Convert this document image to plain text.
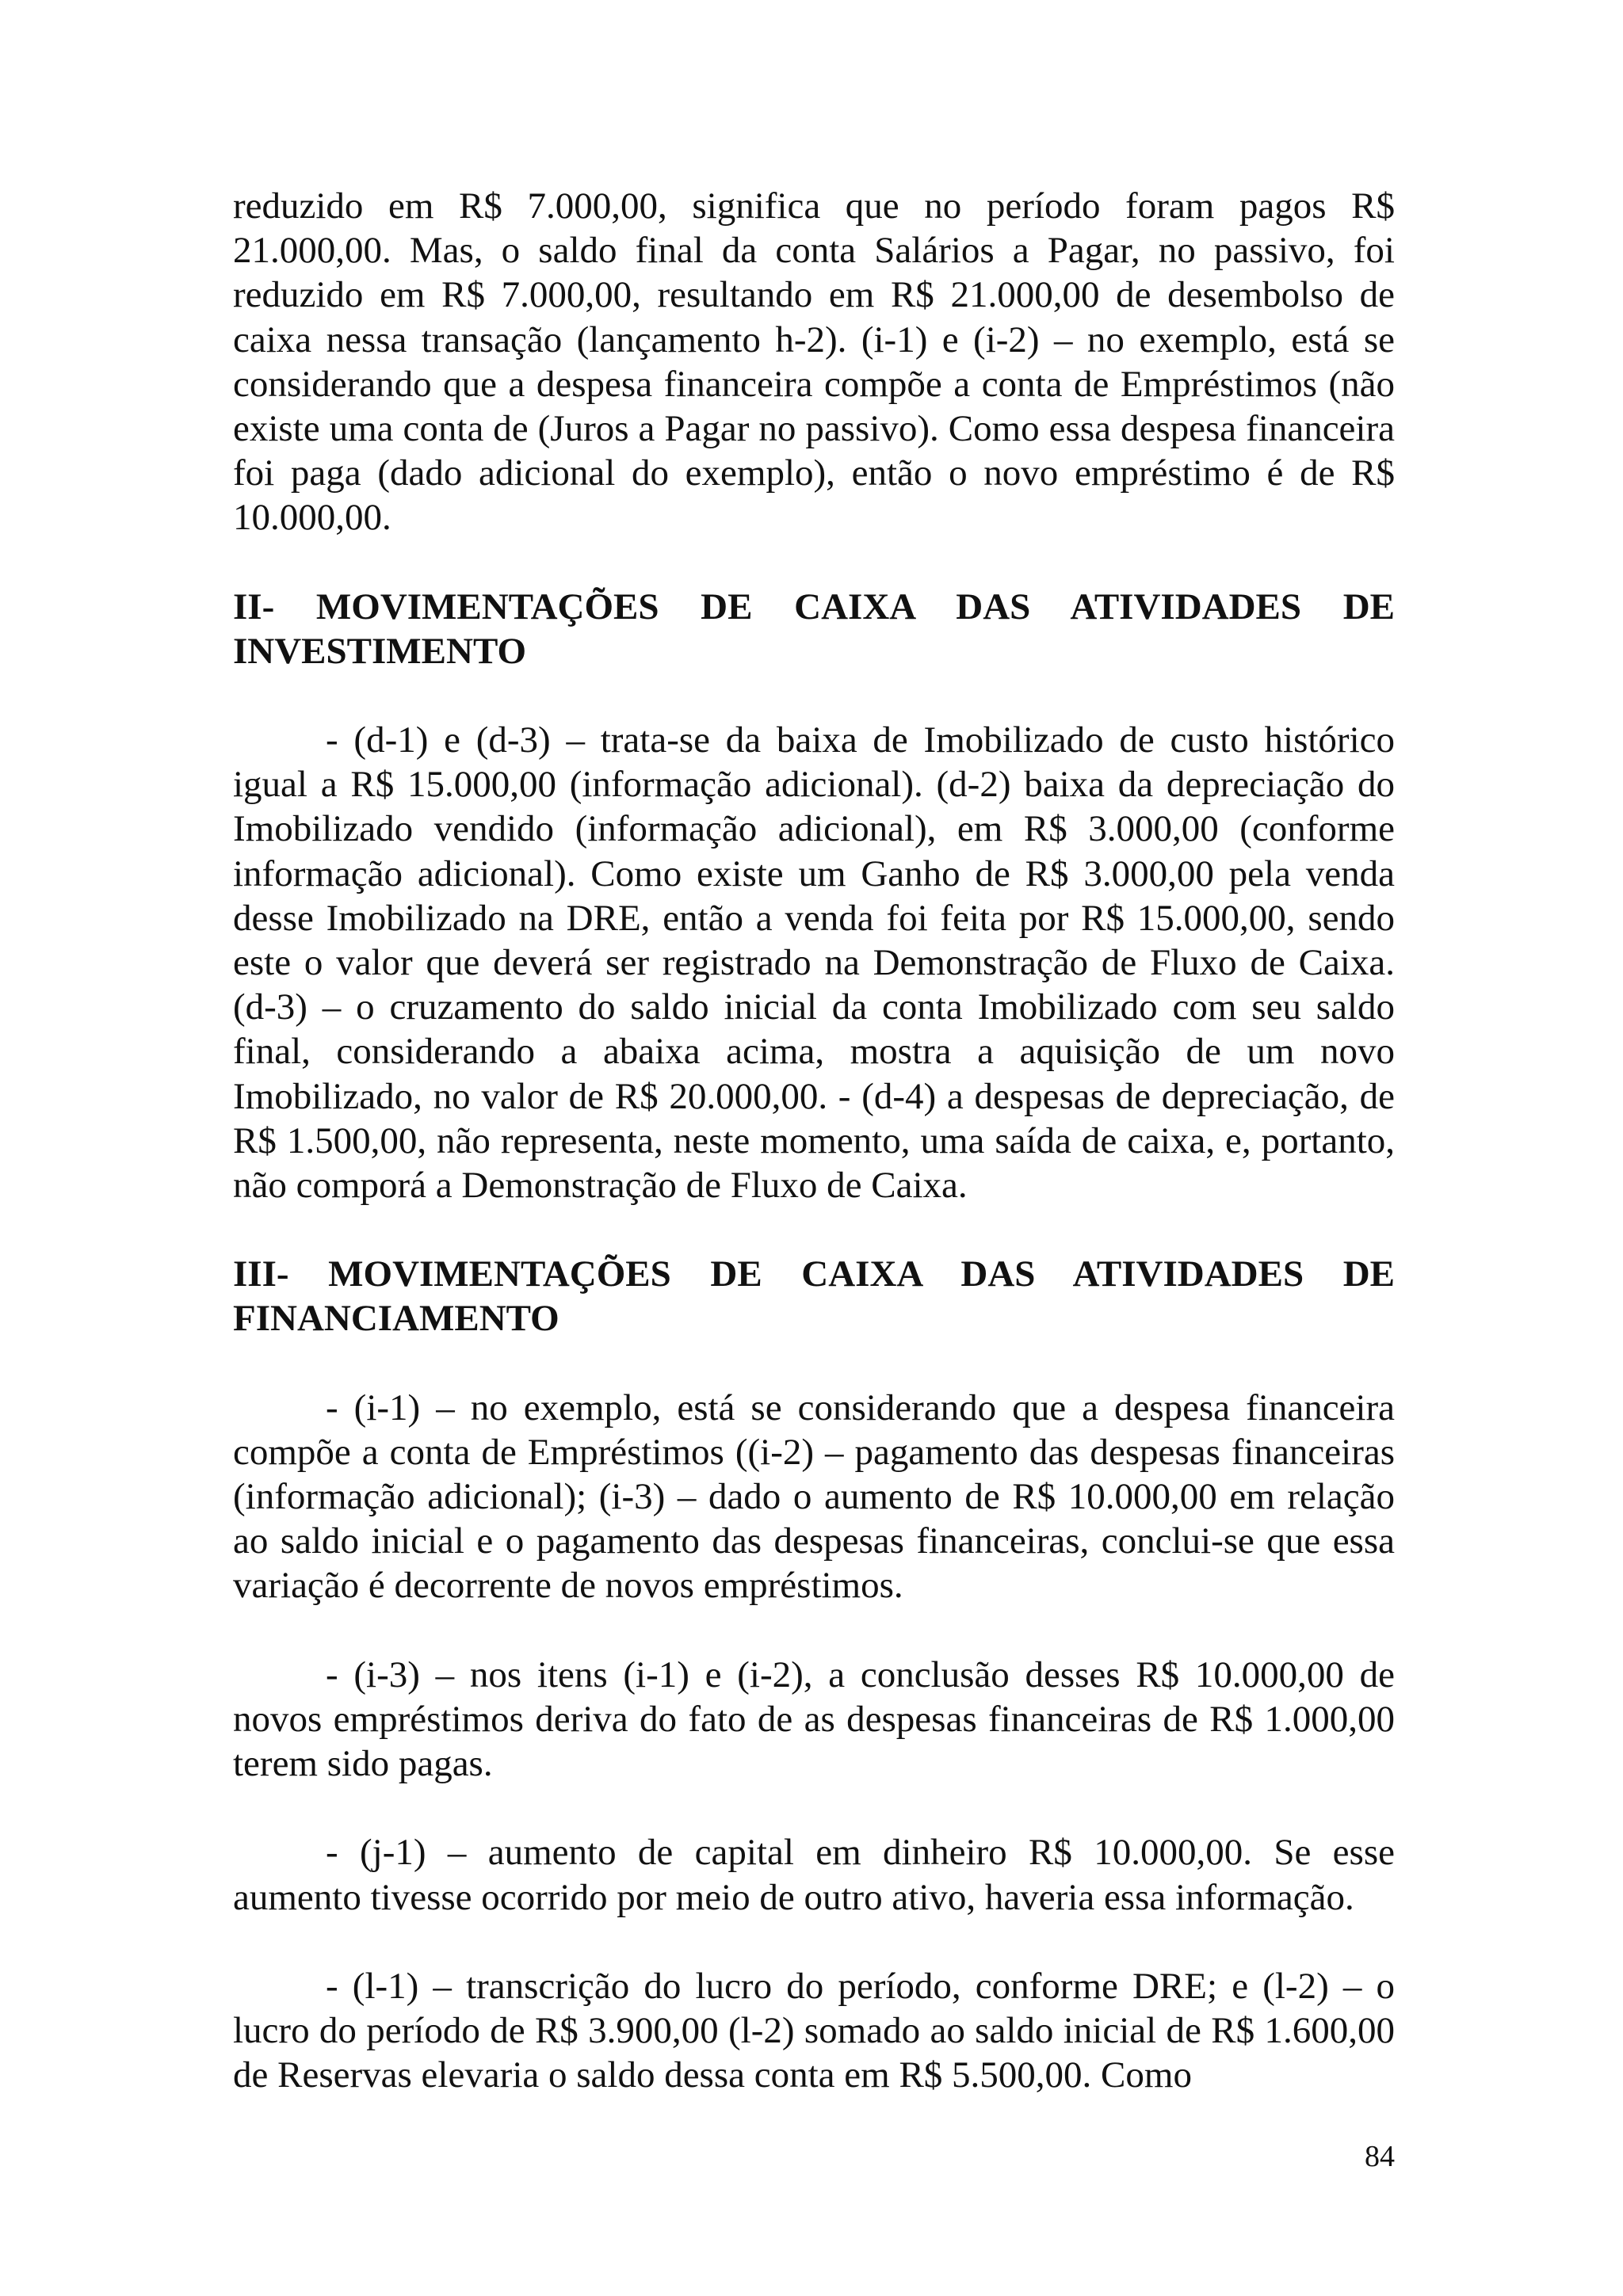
reduzido em R$ 7.000,00, significa que no período foram pagos R$ 21.000,00. Mas, o saldo final da conta Salários a Pagar, no passivo, foi reduzido em R$ 7.000,00, resultando em R$ 21.000,00 de desembolso de caixa nessa transação (lançamento h-2). (i-1) e (i-2) – no exemplo, está se considerando que a despesa financeira compõe a conta de Empréstimos (não existe uma conta de (Juros a Pagar no passivo). Como essa despesa financeira foi paga (dado adicional do exemplo), então o novo empréstimo é de R$ 10.000,00.

II- MOVIMENTAÇÕES DE CAIXA DAS ATIVIDADES DE INVESTIMENTO

- (d-1) e (d-3) – trata-se da baixa de Imobilizado de custo histórico igual a R$ 15.000,00 (informação adicional). (d-2) baixa da depreciação do Imobilizado vendido (informação adicional), em R$ 3.000,00 (conforme informação adicional). Como existe um Ganho de R$ 3.000,00 pela venda desse Imobilizado na DRE, então a venda foi feita por R$ 15.000,00, sendo este o valor que deverá ser registrado na Demonstração de Fluxo de Caixa. (d-3) – o cruzamento do saldo inicial da conta Imobilizado com seu saldo final, considerando a abaixa acima, mostra a aquisição de um novo Imobilizado, no valor de R$ 20.000,00. - (d-4) a despesas de depreciação, de R$ 1.500,00, não representa, neste momento, uma saída de caixa, e, portanto, não comporá a Demonstração de Fluxo de Caixa.

III- MOVIMENTAÇÕES DE CAIXA DAS ATIVIDADES DE FINANCIAMENTO

- (i-1) – no exemplo, está se considerando que a despesa financeira compõe a conta de Empréstimos ((i-2) – pagamento das despesas financeiras (informação adicional); (i-3) – dado o aumento de R$ 10.000,00 em relação ao saldo inicial e o pagamento das despesas financeiras, conclui-se que essa variação é decorrente de novos empréstimos.

- (i-3) – nos itens (i-1) e (i-2), a conclusão desses R$ 10.000,00 de novos empréstimos deriva do fato de as despesas financeiras de R$ 1.000,00 terem sido pagas.

- (j-1) – aumento de capital em dinheiro R$ 10.000,00. Se esse aumento tivesse ocorrido por meio de outro ativo, haveria essa informação.

- (l-1) – transcrição do lucro do período, conforme DRE; e (l-2) – o lucro do período de R$ 3.900,00 (l-2) somado ao saldo inicial de R$ 1.600,00 de Reservas elevaria o saldo dessa conta em R$ 5.500,00. Como

84
